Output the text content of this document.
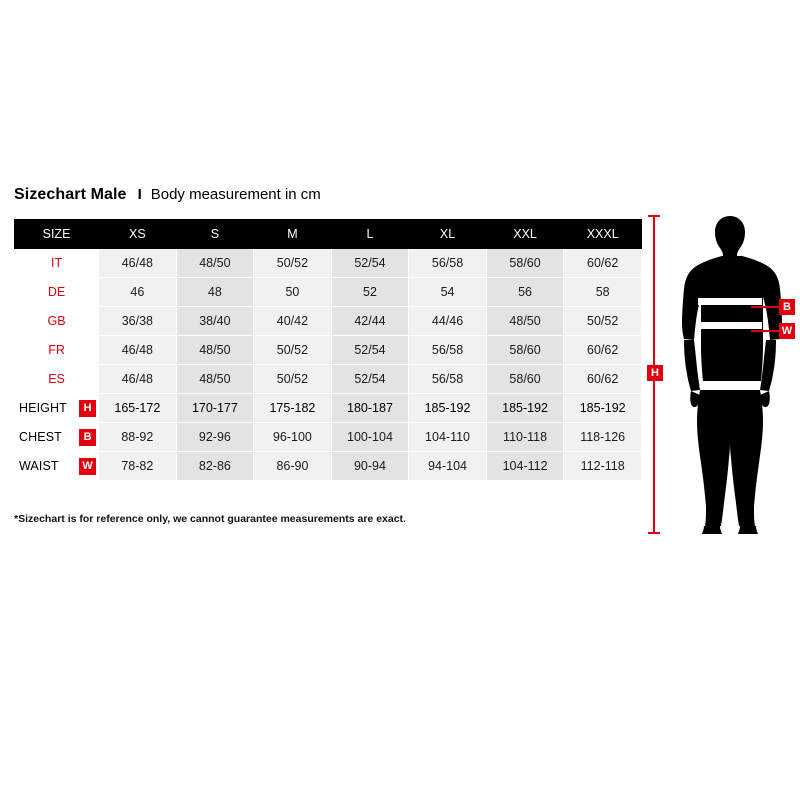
Sizechart Male I Body measurement in cm
SIZE	XS	S	M	L	XL	XXL	XXXL
IT	46/48	48/50	50/52	52/54	56/58	58/60	60/62
DE	46	48	50	52	54	56	58
GB	36/38	38/40	40/42	42/44	44/46	48/50	50/52
FR	46/48	48/50	50/52	52/54	56/58	58/60	60/62
ES	46/48	48/50	50/52	52/54	56/58	58/60	60/62

HEIGHT H	165-172	170-177	175-182	180-187	185-192	185-192	185-192

CHEST B	88-92	92-96	96-100	100-104	104-110	110-118	118-126

WAIST W	78-82	82-86	86-90	90-94	94-104	104-112	112-118
*Sizechart is for reference only, we cannot guarantee measurements are exact.
H
B
W
